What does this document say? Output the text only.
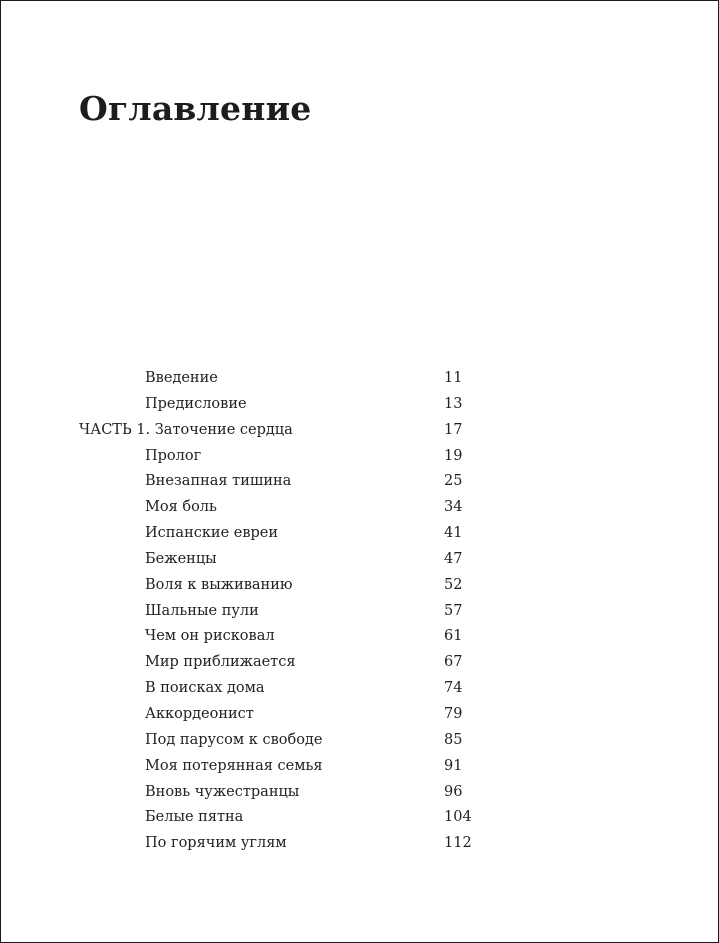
Оглавление
Введение	11
Предисловие	13
ЧАСТЬ 1. Заточение сердца	17
Пролог	19
Внезапная тишина	25
Моя боль	34
Испанские евреи	41
Беженцы	47
Воля к выживанию	52
Шальные пули	57
Чем он рисковал	61
Мир приближается	67
В поисках дома	74
Аккордеонист	79
Под парусом к свободе	85
Моя потерянная семья	91
Вновь чужестранцы	96
Белые пятна	104
По горячим углям	112
